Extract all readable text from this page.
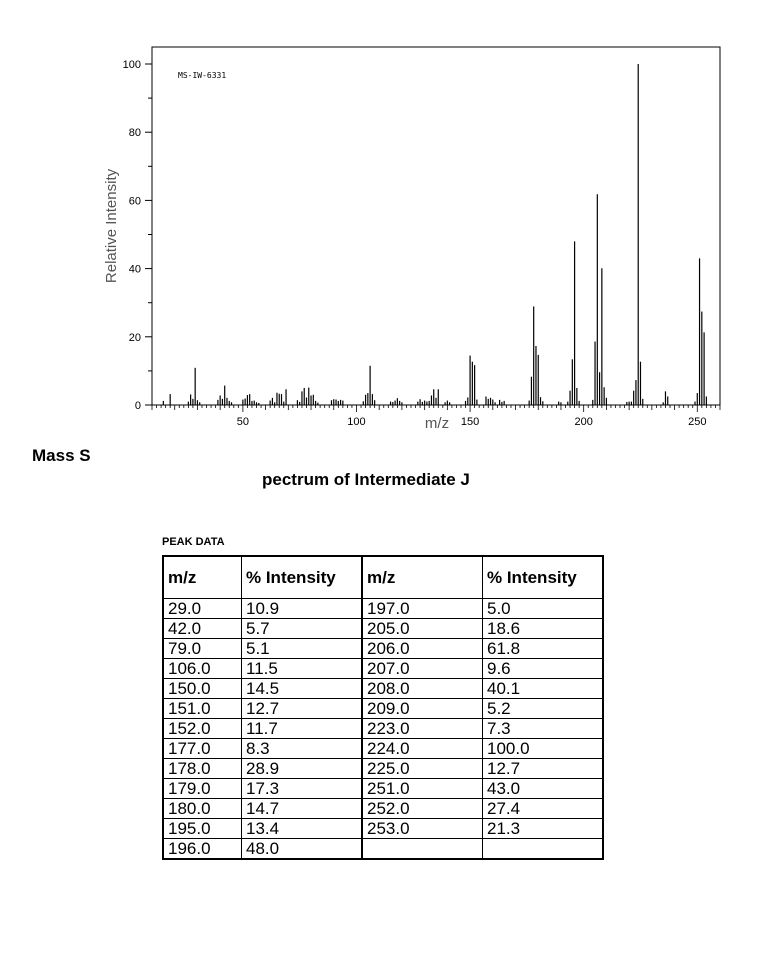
0
20
40
60
80
100
50	100	150	200	250
MS-IW-6331
Relative Intensity
m/z
Mass S
pectrum of Intermediate J
PEAK DATA
m/z	% Intensity	m/z	% Intensity
29.0	10.9	197.0	5.0
42.0	5.7	205.0	18.6
79.0	5.1	206.0	61.8
106.0	11.5	207.0	9.6
150.0	14.5	208.0	40.1
151.0	12.7	209.0	5.2
152.0	11.7	223.0	7.3
177.0	8.3	224.0	100.0
178.0	28.9	225.0	12.7
179.0	17.3	251.0	43.0
180.0	14.7	252.0	27.4
195.0	13.4	253.0	21.3
196.0	48.0		
